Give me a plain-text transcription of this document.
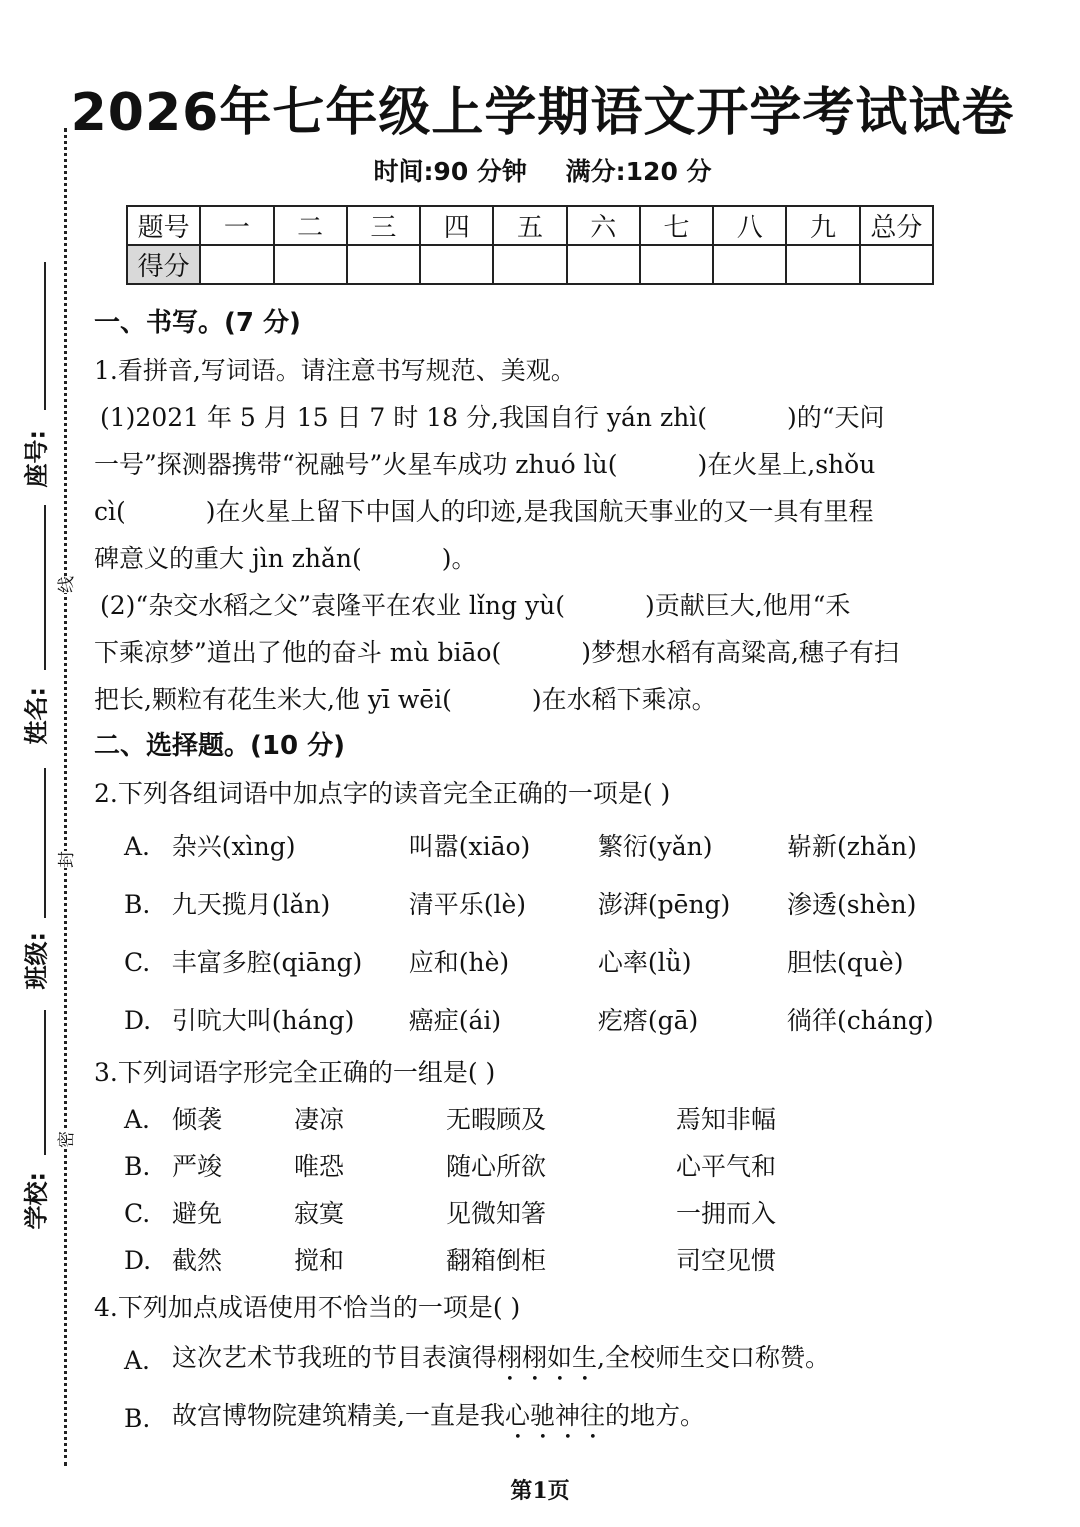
座号:
线
姓名:
封
班级:
密
学校:
2026年七年级上学期语文开学考试试卷
时间:90 分钟 满分:120 分
题号	一	二	三	四	五	六	七	八	九	总分
得分										
一、书写。(7 分)

1.看拼音,写词语。请注意书写规范、美观。

(1)2021 年 5 月 15 日 7 时 18 分,我国自行 yán zhì(	)的“天问

一号”探测器携带“祝融号”火星车成功 zhuó lù(	)在火星上,shǒu

cì(	)在火星上留下中国人的印迹,是我国航天事业的又一具有里程

碑意义的重大 jìn zhǎn(	)。

(2)“杂交水稻之父”袁隆平在农业 lǐng yù(	)贡献巨大,他用“禾

下乘凉梦”道出了他的奋斗 mù biāo(	)梦想水稻有高粱高,穗子有扫

把长,颗粒有花生米大,他 yī wēi(	)在水稻下乘凉。

二、选择题。(10 分)

2.下列各组词语中加点字的读音完全正确的一项是( )

A. 杂兴(xìng)	叫嚣(xiāo)	繁衍(yǎn)	崭新(zhǎn)
B. 九天揽月(lǎn)	清平乐(lè)	澎湃(pēng)	渗透(shèn)
C. 丰富多腔(qiāng)	应和(hè)	心率(lǜ)	胆怯(què)
D. 引吭大叫(háng)	癌症(ái)	疙瘩(gā)	徜徉(cháng)

3.下列词语字形完全正确的一组是( )

A. 倾袭	凄凉	无暇顾及	焉知非幅
B. 严竣	唯恐	随心所欲	心平气和
C. 避免	寂寞	见微知箸	一拥而入
D. 截然	搅和	翻箱倒柜	司空见惯

4.下列加点成语使用不恰当的一项是( )

A. 这次艺术节我班的节目表演得栩栩如生,全校师生交口称赞。
B. 故宫博物院建筑精美,一直是我心驰神往的地方。
第1页
